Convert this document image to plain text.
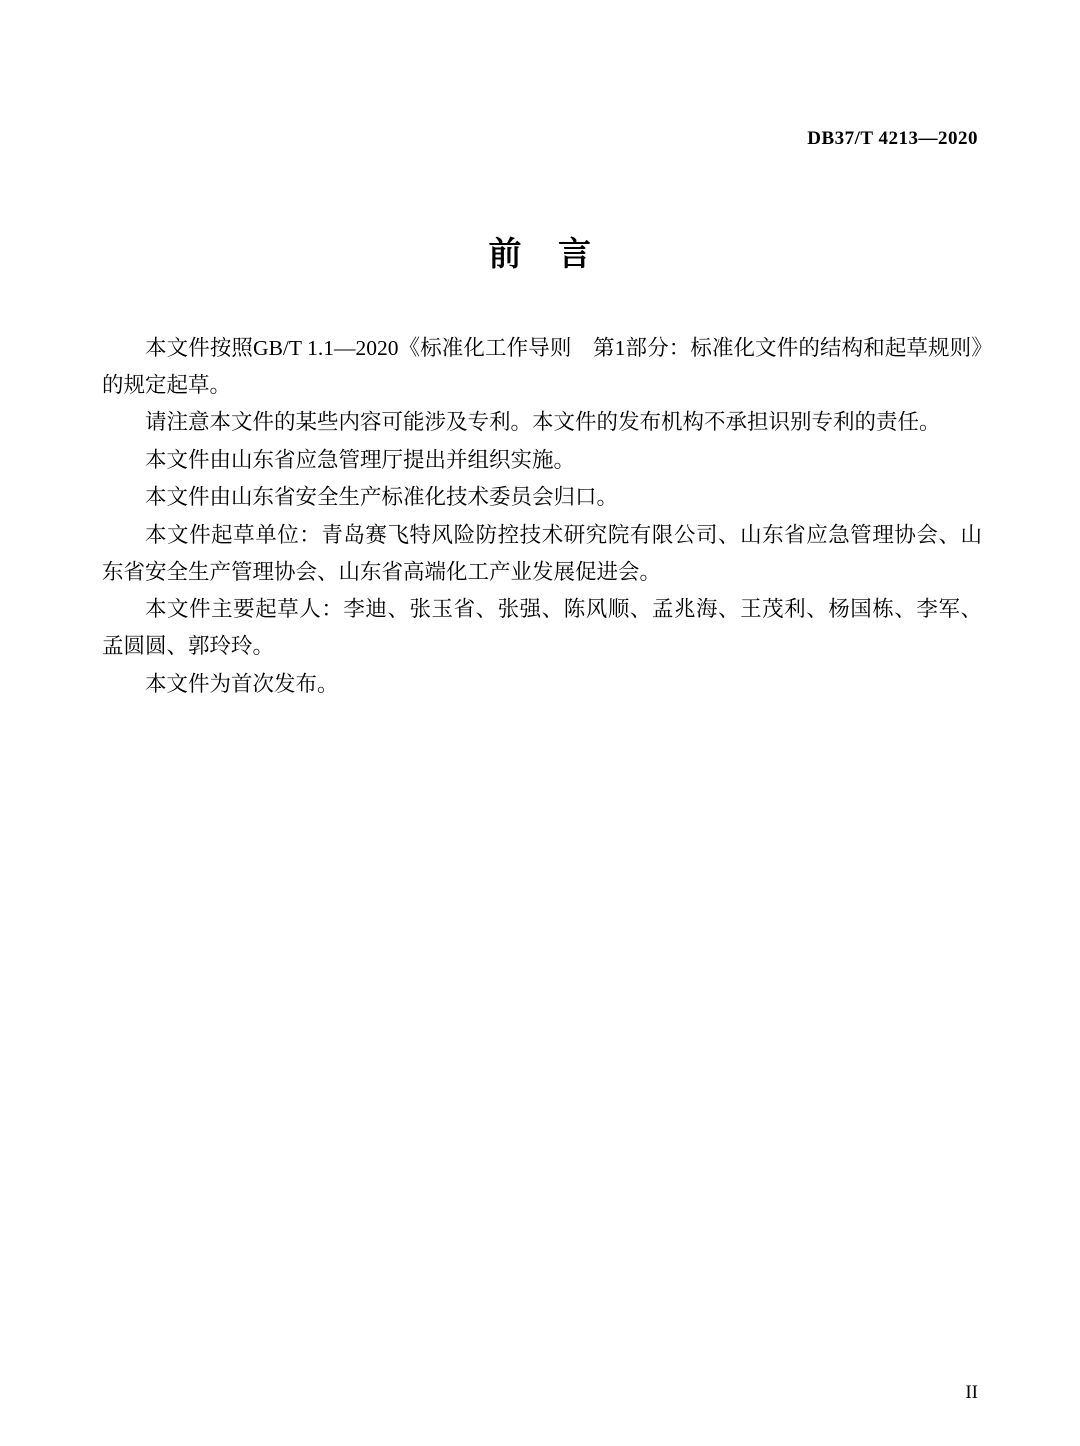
DB37/T 4213—2020
前 言

本文件按照GB/T 1.1—2020《标准化工作导则　第1部分：标准化文件的结构和起草规则》的规定起草。

请注意本文件的某些内容可能涉及专利。本文件的发布机构不承担识别专利的责任。

本文件由山东省应急管理厅提出并组织实施。

本文件由山东省安全生产标准化技术委员会归口。

本文件起草单位：青岛赛飞特风险防控技术研究院有限公司、山东省应急管理协会、山东省安全生产管理协会、山东省高端化工产业发展促进会。

本文件主要起草人：李迪、张玉省、张强、陈风顺、孟兆海、王茂利、杨国栋、李军、孟圆圆、郭玲玲。

本文件为首次发布。

II
